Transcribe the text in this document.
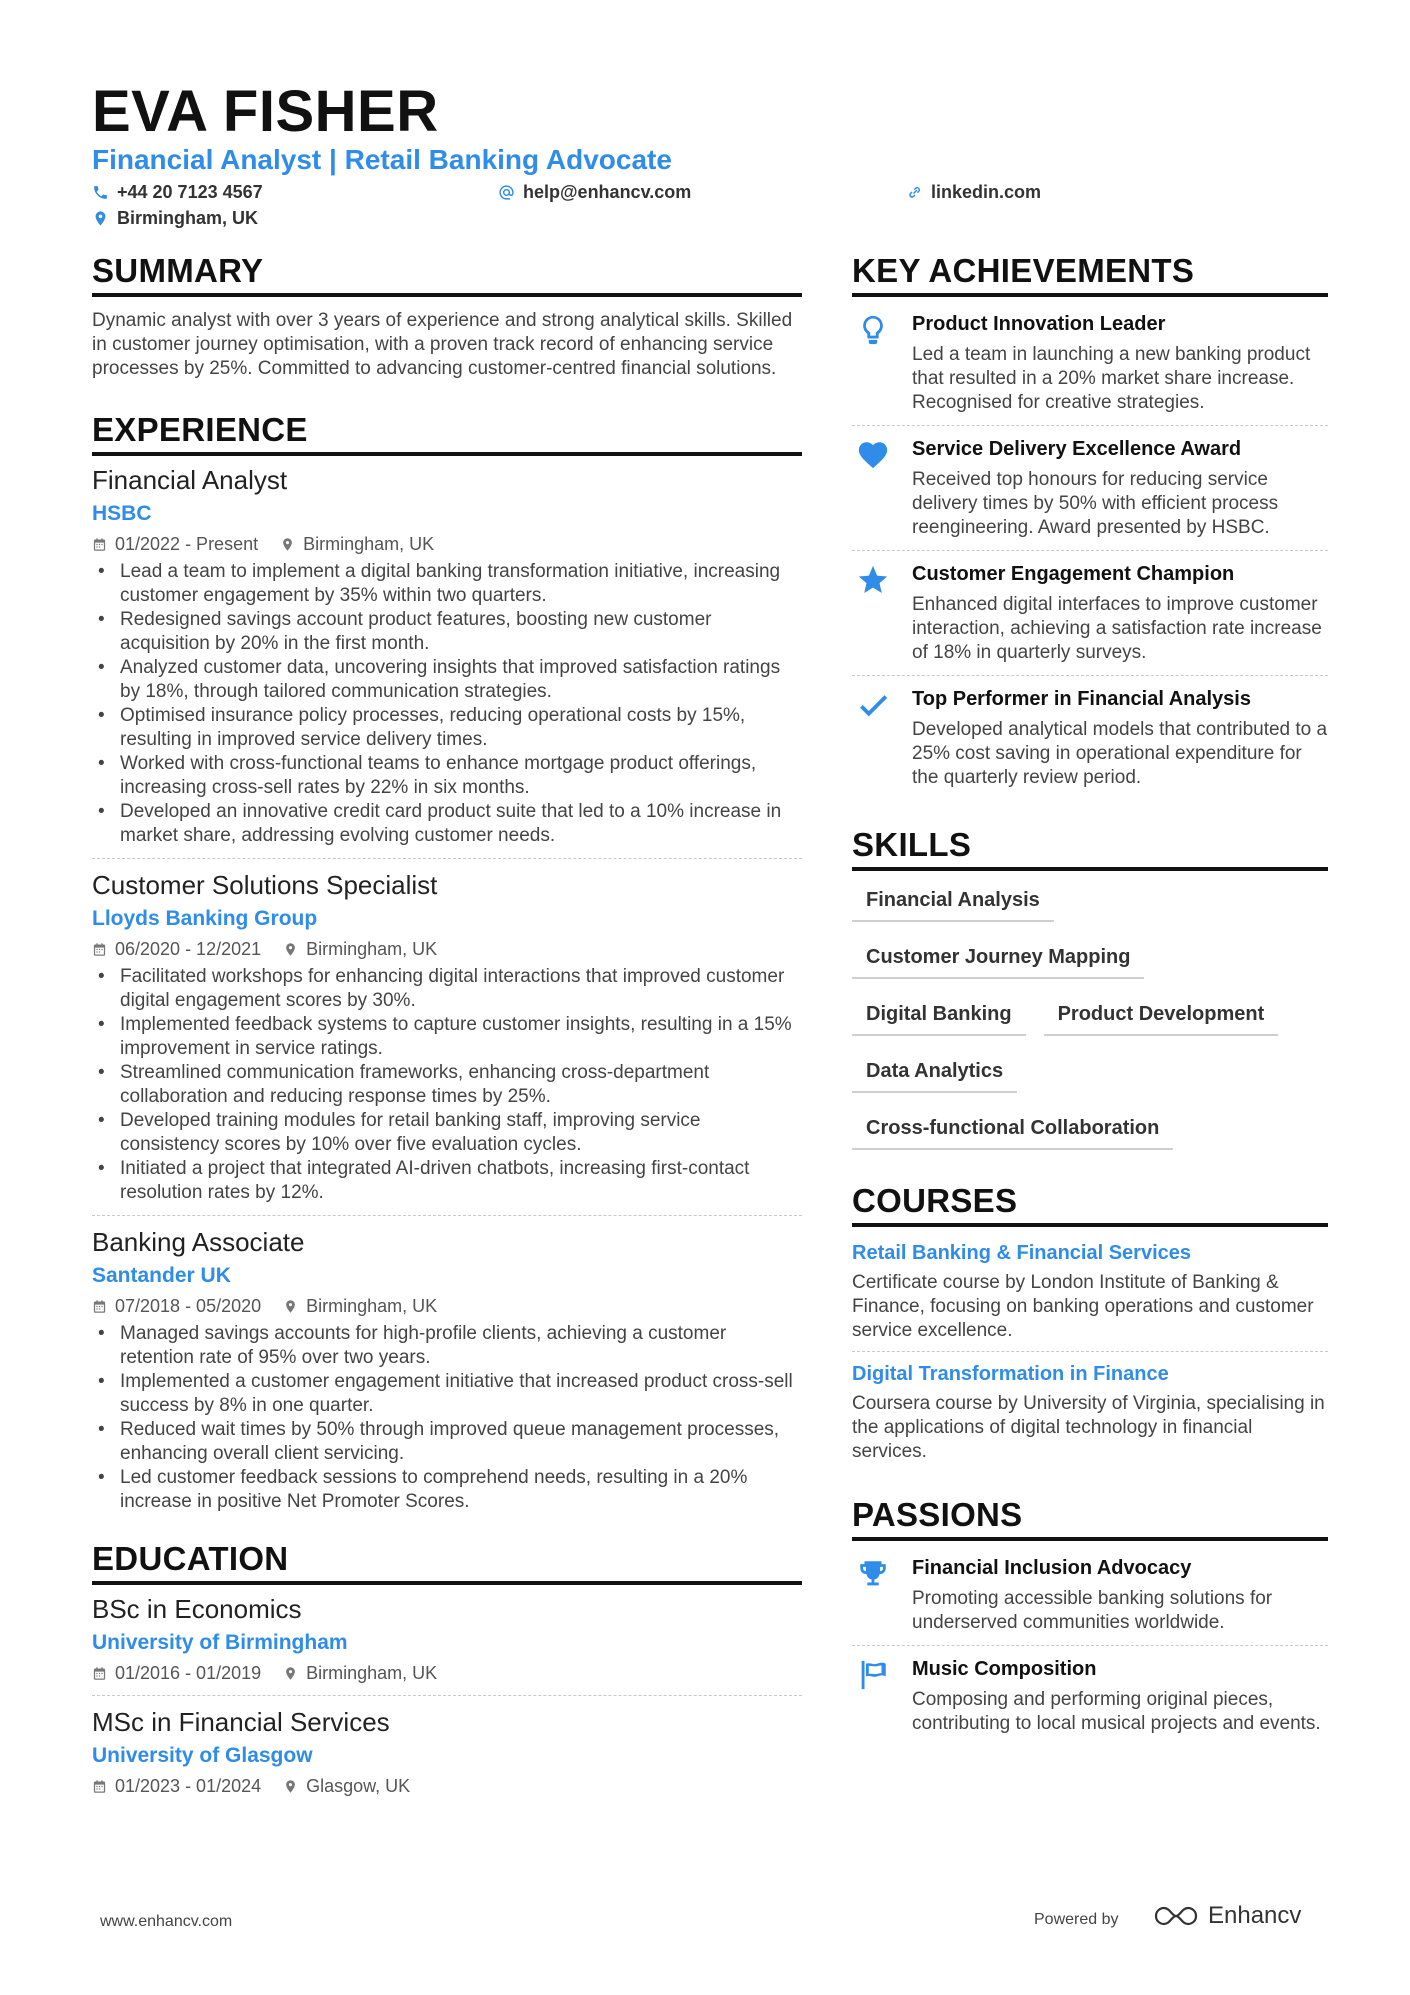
EVA FISHER
Financial Analyst | Retail Banking Advocate
+44 20 7123 4567	help@enhancv.com	linkedin.com
Birmingham, UK
SUMMARY
Dynamic analyst with over 3 years of experience and strong analytical skills. Skilled in customer journey optimisation, with a proven track record of enhancing service processes by 25%. Committed to advancing customer-centred financial solutions.
EXPERIENCE
Financial Analyst
HSBC
01/2022 - Present	Birmingham, UK
• Lead a team to implement a digital banking transformation initiative, increasing customer engagement by 35% within two quarters.
• Redesigned savings account product features, boosting new customer acquisition by 20% in the first month.
• Analyzed customer data, uncovering insights that improved satisfaction ratings by 18%, through tailored communication strategies.
• Optimised insurance policy processes, reducing operational costs by 15%, resulting in improved service delivery times.
• Worked with cross-functional teams to enhance mortgage product offerings, increasing cross-sell rates by 22% in six months.
• Developed an innovative credit card product suite that led to a 10% increase in market share, addressing evolving customer needs.
Customer Solutions Specialist
Lloyds Banking Group
06/2020 - 12/2021	Birmingham, UK
• Facilitated workshops for enhancing digital interactions that improved customer digital engagement scores by 30%.
• Implemented feedback systems to capture customer insights, resulting in a 15% improvement in service ratings.
• Streamlined communication frameworks, enhancing cross-department collaboration and reducing response times by 25%.
• Developed training modules for retail banking staff, improving service consistency scores by 10% over five evaluation cycles.
• Initiated a project that integrated AI-driven chatbots, increasing first-contact resolution rates by 12%.
Banking Associate
Santander UK
07/2018 - 05/2020	Birmingham, UK
• Managed savings accounts for high-profile clients, achieving a customer retention rate of 95% over two years.
• Implemented a customer engagement initiative that increased product cross-sell success by 8% in one quarter.
• Reduced wait times by 50% through improved queue management processes, enhancing overall client servicing.
• Led customer feedback sessions to comprehend needs, resulting in a 20% increase in positive Net Promoter Scores.
EDUCATION
BSc in Economics
University of Birmingham
01/2016 - 01/2019	Birmingham, UK
MSc in Financial Services
University of Glasgow
01/2023 - 01/2024	Glasgow, UK
KEY ACHIEVEMENTS
Product Innovation Leader
Led a team in launching a new banking product that resulted in a 20% market share increase. Recognised for creative strategies.
Service Delivery Excellence Award
Received top honours for reducing service delivery times by 50% with efficient process reengineering. Award presented by HSBC.
Customer Engagement Champion
Enhanced digital interfaces to improve customer interaction, achieving a satisfaction rate increase of 18% in quarterly surveys.
Top Performer in Financial Analysis
Developed analytical models that contributed to a 25% cost saving in operational expenditure for the quarterly review period.
SKILLS
Financial Analysis
Customer Journey Mapping
Digital Banking	Product Development
Data Analytics
Cross-functional Collaboration
COURSES
Retail Banking & Financial Services
Certificate course by London Institute of Banking & Finance, focusing on banking operations and customer service excellence.
Digital Transformation in Finance
Coursera course by University of Virginia, specialising in the applications of digital technology in financial services.
PASSIONS
Financial Inclusion Advocacy
Promoting accessible banking solutions for underserved communities worldwide.
Music Composition
Composing and performing original pieces, contributing to local musical projects and events.
www.enhancv.com	Powered by	Enhancv
